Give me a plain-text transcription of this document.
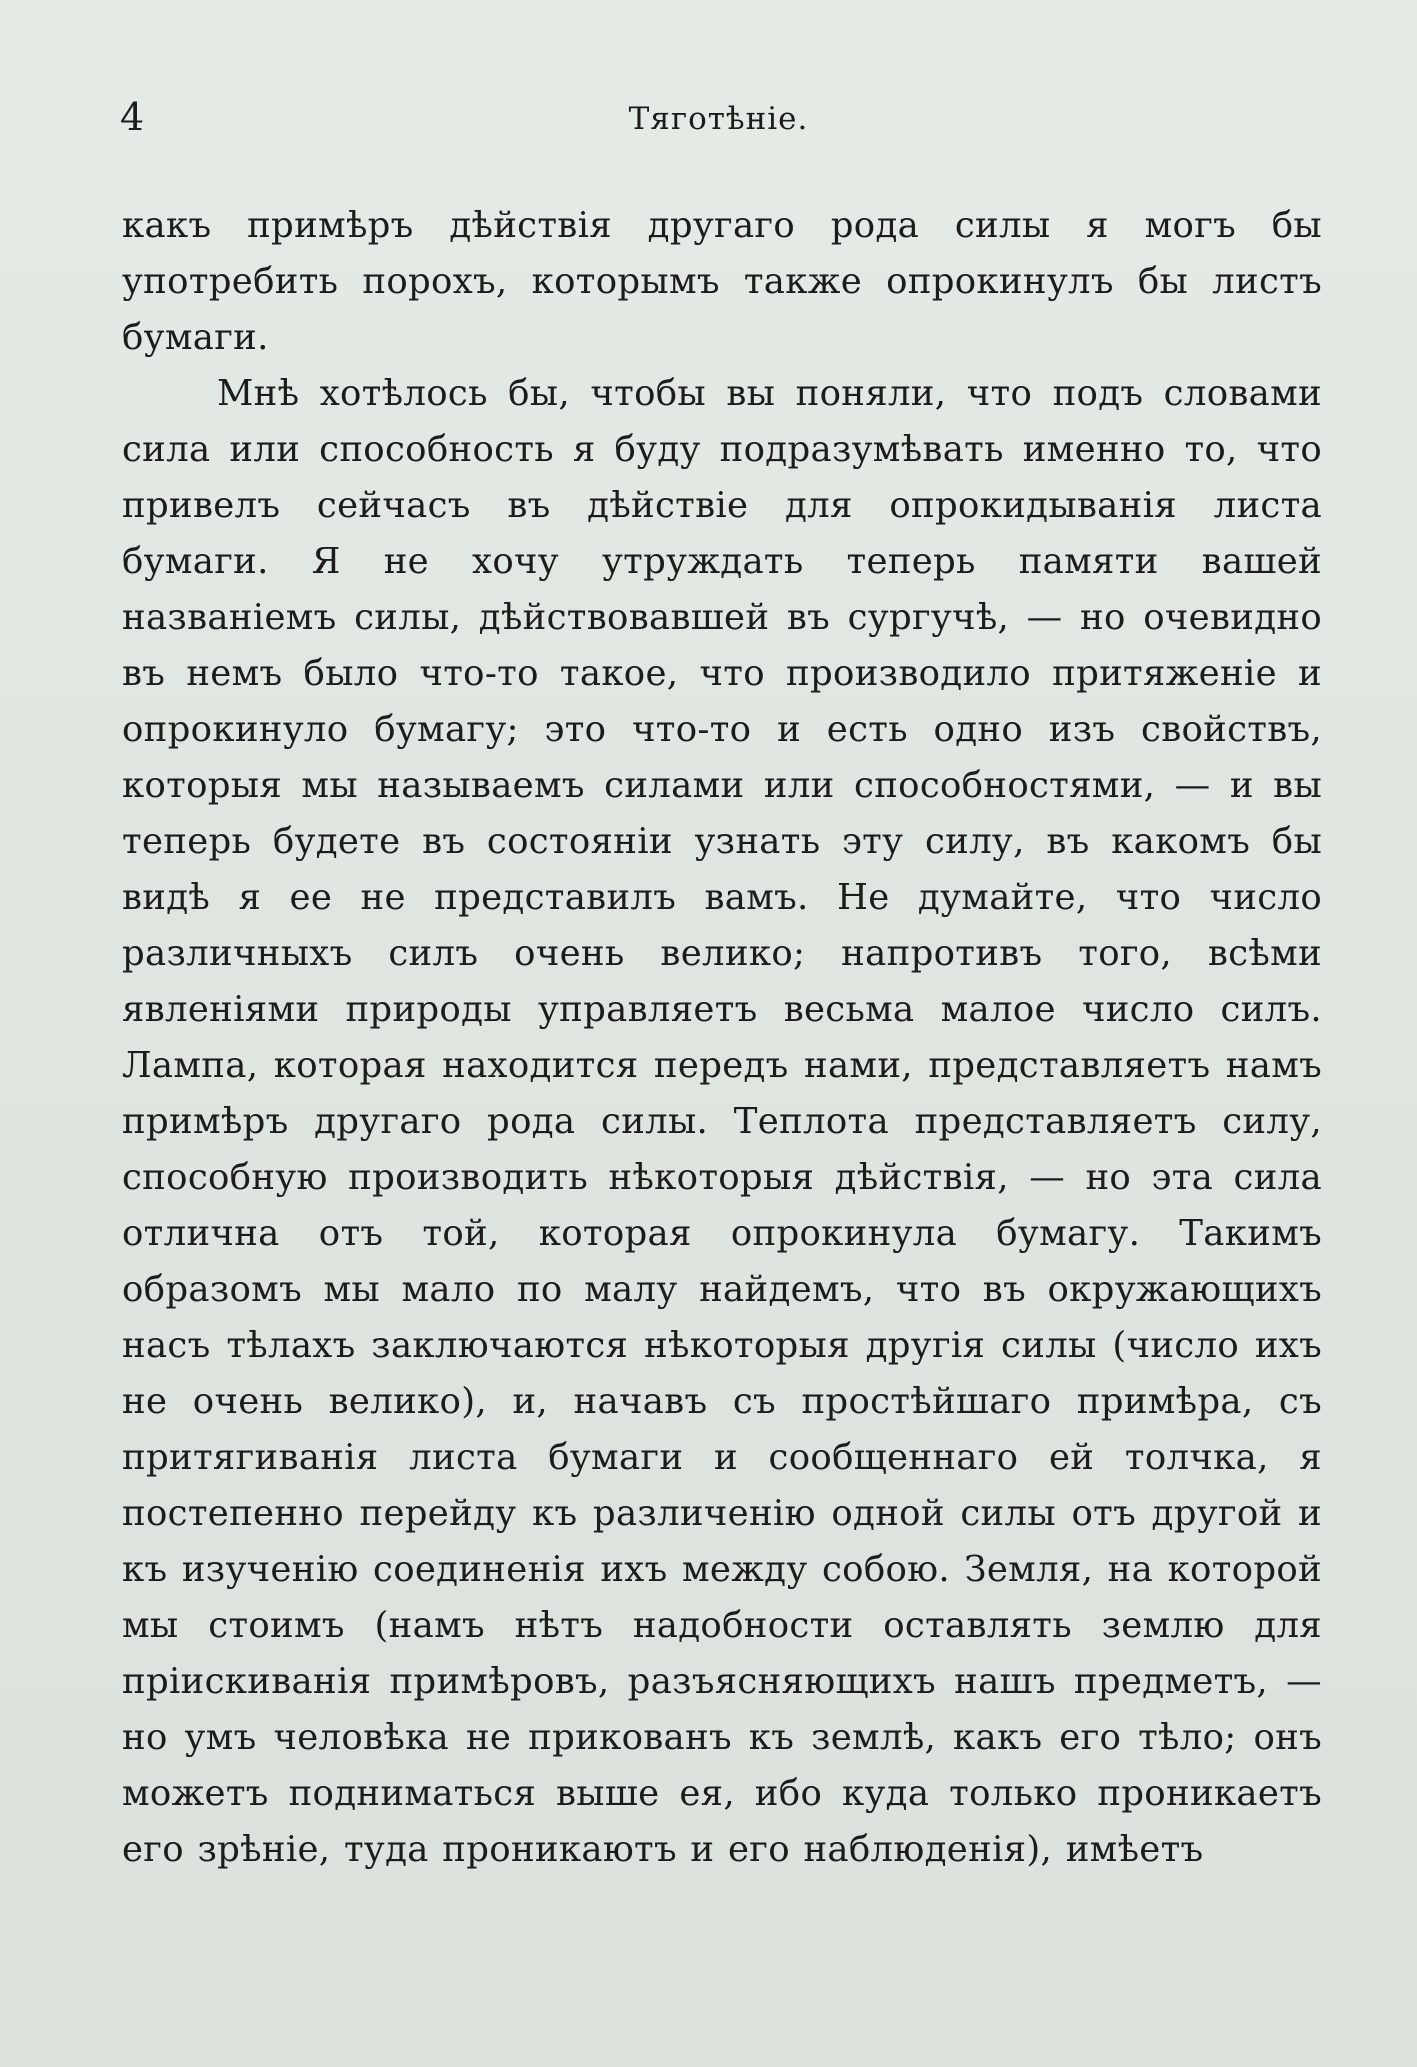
4	Тяготѣніе.

какъ примѣръ дѣйствія другаго рода силы я могъ бы употребить порохъ, которымъ также опрокинулъ бы листъ бумаги.

Мнѣ хотѣлось бы, чтобы вы поняли, что подъ словами сила или способность я буду подразумѣвать именно то, что привелъ сейчасъ въ дѣйствіе для опрокидыванія листа бумаги. Я не хочу утруждать теперь памяти вашей названіемъ силы, дѣйствовавшей въ сургучѣ, — но очевидно въ немъ было что-то такое, что производило притяженіе и опрокинуло бумагу; это что-то и есть одно изъ свойствъ, которыя мы называемъ силами или способностями, — и вы теперь будете въ состояніи узнать эту силу, въ какомъ бы видѣ я ее не представилъ вамъ. Не думайте, что число различныхъ силъ очень велико; напротивъ того, всѣми явленіями природы управляетъ весьма малое число силъ. Лампа, которая находится передъ нами, представляетъ намъ примѣръ другаго рода силы. Теплота представляетъ силу, способную производить нѣкоторыя дѣйствія, — но эта сила отлична отъ той, которая опрокинула бумагу. Такимъ образомъ мы мало по малу найдемъ, что въ окружающихъ насъ тѣлахъ заключаются нѣкоторыя другія силы (число ихъ не очень велико), и, начавъ съ простѣйшаго примѣра, съ притягиванія листа бумаги и сообщеннаго ей толчка, я постепенно перейду къ различенію одной силы отъ другой и къ изученію соединенія ихъ между собою. Земля, на которой мы стоимъ (намъ нѣтъ надобности оставлять землю для пріискиванія примѣровъ, разъясняющихъ нашъ предметъ, — но умъ человѣка не прикованъ къ землѣ, какъ его тѣло; онъ можетъ подниматься выше ея, ибо куда только проникаетъ его зрѣніе, туда проникаютъ и его наблюденія), имѣетъ
